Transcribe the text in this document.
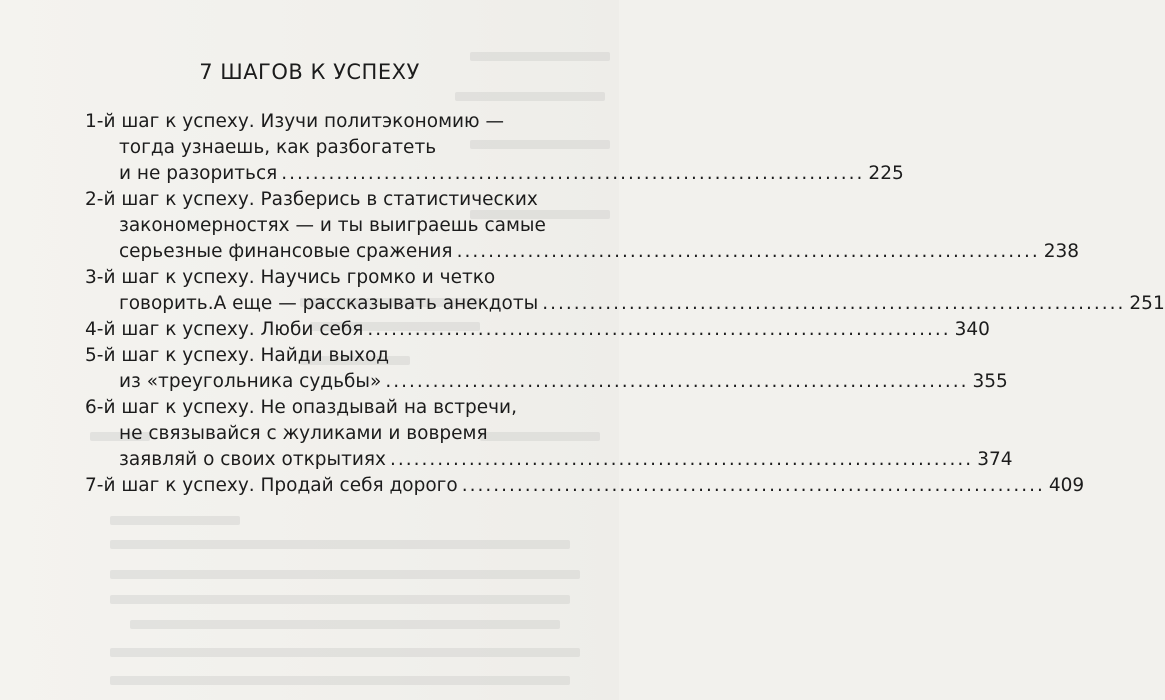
7 ШАГОВ К УСПЕХУ
1-й шаг к успеху. Изучи политэкономию —
тогда узнаешь, как разбогатеть
и не разориться .......................................................................... 225
2-й шаг к успеху. Разберись в статистических
закономерностях — и ты выиграешь самые
серьезные финансовые сражения .......................................................................... 238
3-й шаг к успеху. Научись громко и четко
говорить.А еще — рассказывать анекдоты .......................................................................... 251
4-й шаг к успеху. Люби себя .......................................................................... 340
5-й шаг к успеху. Найди выход
из «треугольника судьбы» .......................................................................... 355
6-й шаг к успеху. Не опаздывай на встречи,
не связывайся с жуликами и вовремя
заявляй о своих открытиях .......................................................................... 374
7-й шаг к успеху. Продай себя дорого .......................................................................... 409
